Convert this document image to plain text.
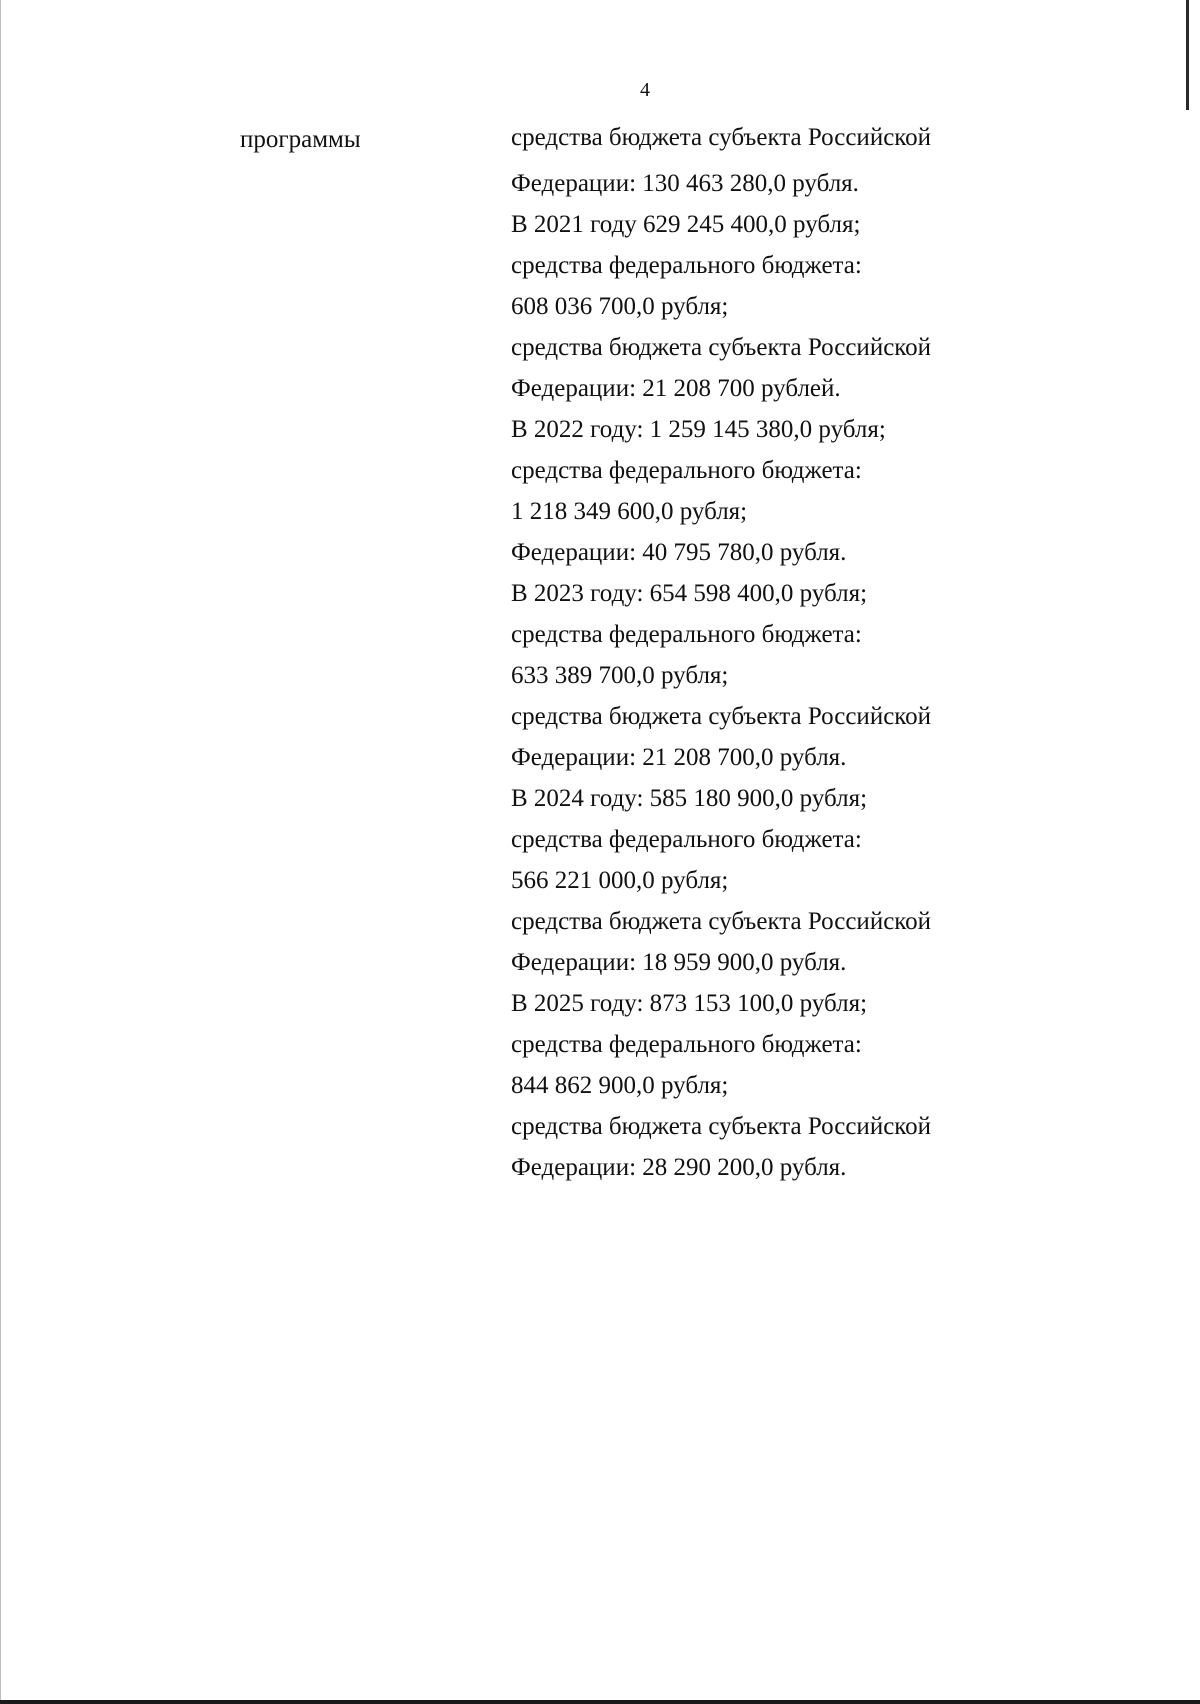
4
программы	средства бюджета субъекта Российской
Федерации: 130 463 280,0 рубля.
В 2021 году 629 245 400,0 рубля;
средства федерального бюджета:
608 036 700,0 рубля;
средства бюджета субъекта Российской
Федерации: 21 208 700 рублей.
В 2022 году: 1 259 145 380,0 рубля;
средства федерального бюджета:
1 218 349 600,0 рубля;
Федерации: 40 795 780,0 рубля.
В 2023 году: 654 598 400,0 рубля;
средства федерального бюджета:
633 389 700,0 рубля;
средства бюджета субъекта Российской
Федерации: 21 208 700,0 рубля.
В 2024 году: 585 180 900,0 рубля;
средства федерального бюджета:
566 221 000,0 рубля;
средства бюджета субъекта Российской
Федерации: 18 959 900,0 рубля.
В 2025 году: 873 153 100,0 рубля;
средства федерального бюджета:
844 862 900,0 рубля;
средства бюджета субъекта Российской
Федерации: 28 290 200,0 рубля.
